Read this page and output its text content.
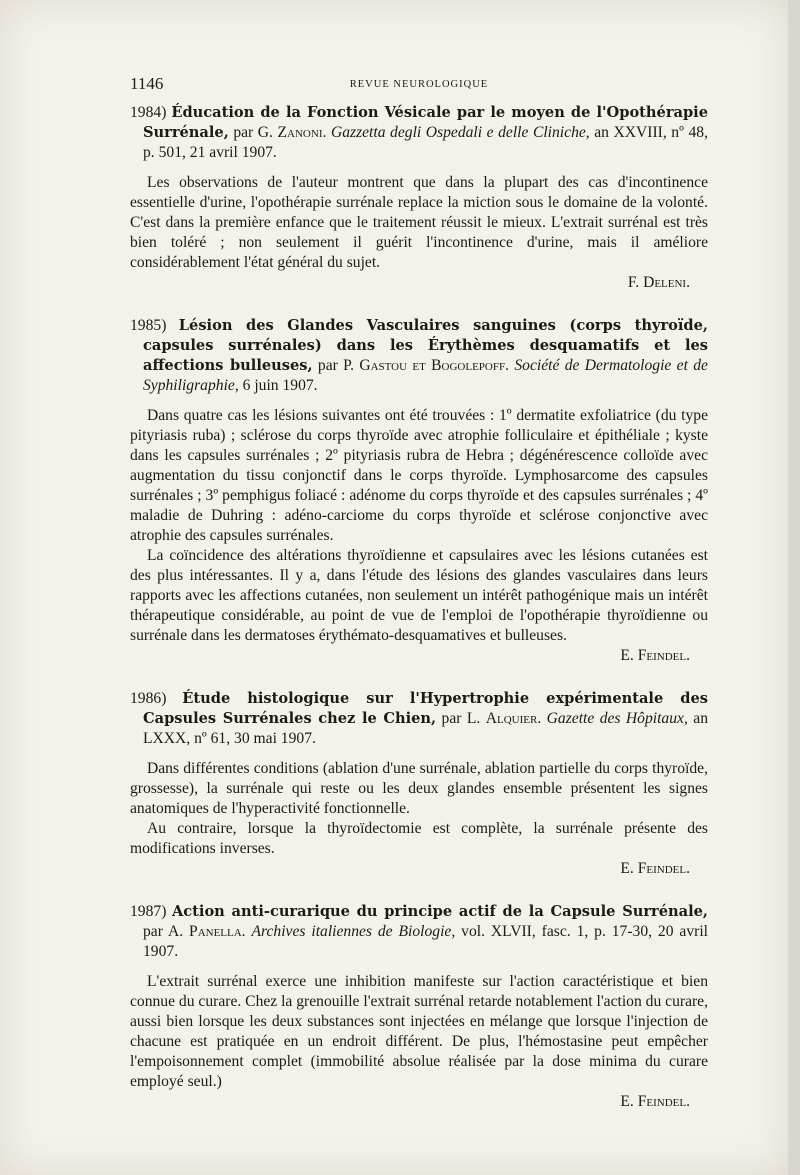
1146	REVUE NEUROLOGIQUE

1984) Éducation de la Fonction Vésicale par le moyen de l'Opothérapie Surrénale, par G. Zanoni. Gazzetta degli Ospedali e delle Cliniche, an XXVIII, nº 48, p. 501, 21 avril 1907.

Les observations de l'auteur montrent que dans la plupart des cas d'incontinence essentielle d'urine, l'opothérapie surrénale replace la miction sous le domaine de la volonté. C'est dans la première enfance que le traitement réussit le mieux. L'extrait surrénal est très bien toléré ; non seulement il guérit l'incontinence d'urine, mais il améliore considérablement l'état général du sujet.

F. Deleni.

1985) Lésion des Glandes Vasculaires sanguines (corps thyroïde, capsules surrénales) dans les Érythèmes desquamatifs et les affections bulleuses, par P. Gastou et Bogolepoff. Société de Dermatologie et de Syphiligraphie, 6 juin 1907.

Dans quatre cas les lésions suivantes ont été trouvées : 1º dermatite exfoliatrice (du type pityriasis ruba) ; sclérose du corps thyroïde avec atrophie folliculaire et épithéliale ; kyste dans les capsules surrénales ; 2º pityriasis rubra de Hebra ; dégénérescence colloïde avec augmentation du tissu conjonctif dans le corps thyroïde. Lymphosarcome des capsules surrénales ; 3º pemphigus foliacé : adénome du corps thyroïde et des capsules surrénales ; 4º maladie de Duhring : adéno-carciome du corps thyroïde et sclérose conjonctive avec atrophie des capsules surrénales.

La coïncidence des altérations thyroïdienne et capsulaires avec les lésions cutanées est des plus intéressantes. Il y a, dans l'étude des lésions des glandes vasculaires dans leurs rapports avec les affections cutanées, non seulement un intérêt pathogénique mais un intérêt thérapeutique considérable, au point de vue de l'emploi de l'opothérapie thyroïdienne ou surrénale dans les dermatoses érythémato-desquamatives et bulleuses.

E. Feindel.

1986) Étude histologique sur l'Hypertrophie expérimentale des Capsules Surrénales chez le Chien, par L. Alquier. Gazette des Hôpitaux, an LXXX, nº 61, 30 mai 1907.

Dans différentes conditions (ablation d'une surrénale, ablation partielle du corps thyroïde, grossesse), la surrénale qui reste ou les deux glandes ensemble présentent les signes anatomiques de l'hyperactivité fonctionnelle.

Au contraire, lorsque la thyroïdectomie est complète, la surrénale présente des modifications inverses.

E. Feindel.

1987) Action anti-curarique du principe actif de la Capsule Surrénale, par A. Panella. Archives italiennes de Biologie, vol. XLVII, fasc. 1, p. 17-30, 20 avril 1907.

L'extrait surrénal exerce une inhibition manifeste sur l'action caractéristique et bien connue du curare. Chez la grenouille l'extrait surrénal retarde notablement l'action du curare, aussi bien lorsque les deux substances sont injectées en mélange que lorsque l'injection de chacune est pratiquée en un endroit différent. De plus, l'hémostasine peut empêcher l'empoisonnement complet (immobilité absolue réalisée par la dose minima du curare employé seul.)

E. Feindel.
